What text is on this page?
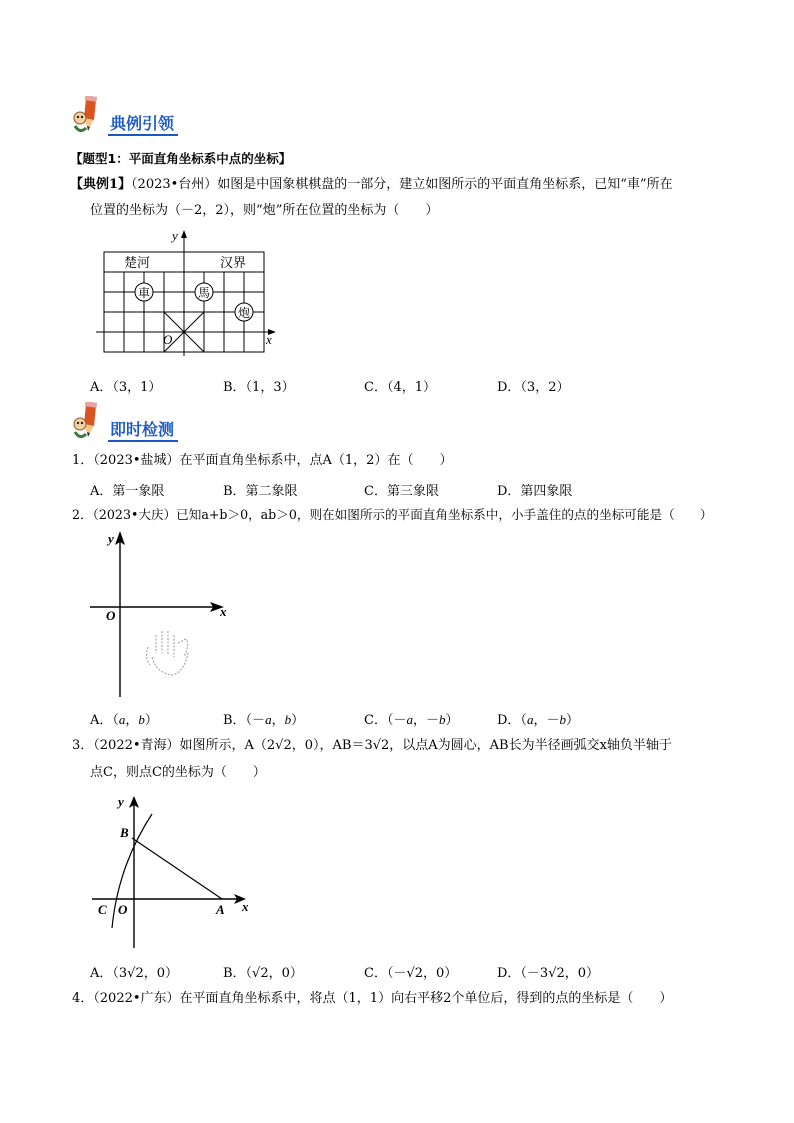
典例引领
【题型1：平面直角坐标系中点的坐标】
【典例1】（2023•台州）如图是中国象棋棋盘的一部分，建立如图所示的平面直角坐标系，已知“車”所在
位置的坐标为（－2，2），则“炮”所在位置的坐标为（　　）
y
x
O
楚河	汉界
車	馬
炮
A．（3，1）	B．（1，3）	C．（4，1）	D．（3，2）
即时检测
1．（2023•盐城）在平面直角坐标系中，点A（1，2）在（　　）
A．第一象限	B．第二象限	C．第三象限	D．第四象限
2．（2023•大庆）已知a+b＞0，ab＞0，则在如图所示的平面直角坐标系中，小手盖住的点的坐标可能是（　　）
y
x
O
A．（a，b）	B．（－a，b）	C．（－a，－b）	D．（a，－b）
3．（2022•青海）如图所示，A（2√2，0），AB＝3√2，以点A为圆心，AB长为半径画弧交x轴负半轴于
点C，则点C的坐标为（　　）
y
x
O	A
B
C
A．（3√2，0）	B．（√2，0）	C．（－√2，0）	D．（－3√2，0）
4．（2022•广东）在平面直角坐标系中，将点（1，1）向右平移2个单位后，得到的点的坐标是（　　）
